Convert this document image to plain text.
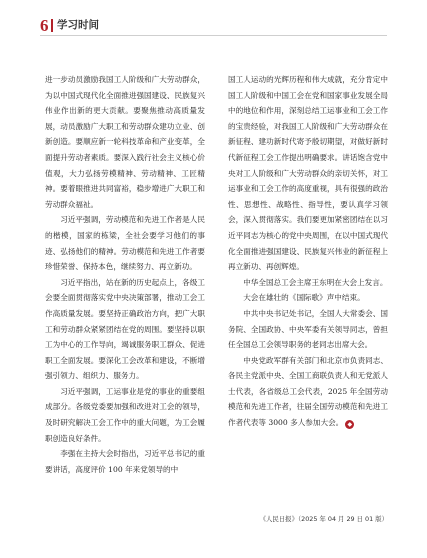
6 学习时间

进一步动员激励我国工人阶级和广大劳动群众，为以中国式现代化全面推进强国建设、民族复兴伟业作出新的更大贡献。要聚焦推动高质量发展，动员激励广大职工和劳动群众建功立业、创新创造。要顺应新一轮科技革命和产业变革，全面提升劳动者素质。要深入践行社会主义核心价值观，大力弘扬劳模精神、劳动精神、工匠精神。要着眼推进共同富裕，稳步增进广大职工和劳动群众福祉。

习近平强调，劳动模范和先进工作者是人民的楷模，国家的栋梁，全社会要学习他们的事迹、弘扬他们的精神。劳动模范和先进工作者要珍惜荣誉、保持本色，继续努力、再立新功。

习近平指出，站在新的历史起点上，各级工会要全面贯彻落实党中央决策部署，推动工会工作高质量发展。要坚持正确政治方向，把广大职工和劳动群众紧紧团结在党的周围。要坚持以职工为中心的工作导向，竭诚服务职工群众、促进职工全面发展。要深化工会改革和建设，不断增强引领力、组织力、服务力。

习近平强调，工运事业是党的事业的重要组成部分。各级党委要加强和改进对工会的领导，及时研究解决工会工作中的重大问题，为工会履职创造良好条件。

李强在主持大会时指出，习近平总书记的重要讲话，高度评价 100 年来党领导的中

国工人运动的光辉历程和伟大成就，充分肯定中国工人阶级和中国工会在党和国家事业发展全局中的地位和作用，深刻总结工运事业和工会工作的宝贵经验，对我国工人阶级和广大劳动群众在新征程、建功新时代寄予殷切期望，对做好新时代新征程工会工作提出明确要求。讲话饱含党中央对工人阶级和广大劳动群众的亲切关怀，对工运事业和工会工作的高度重视，具有很强的政治性、思想性、战略性、指导性，要认真学习领会，深入贯彻落实。我们要更加紧密团结在以习近平同志为核心的党中央周围，在以中国式现代化全面推进强国建设、民族复兴伟业的新征程上再立新功、再创辉煌。

中华全国总工会主席王东明在大会上发言。

大会在雄壮的《国际歌》声中结束。

中共中央书记处书记，全国人大常委会、国务院、全国政协、中央军委有关领导同志，曾担任全国总工会领导职务的老同志出席大会。

中央党政军群有关部门和北京市负责同志、各民主党派中央、全国工商联负责人和无党派人士代表，各省级总工会代表，2025 年全国劳动模范和先进工作者，往届全国劳动模范和先进工作者代表等 3000 多人参加大会。 ◆

《人民日报》（2025 年 04 月 29 日 01 版）
